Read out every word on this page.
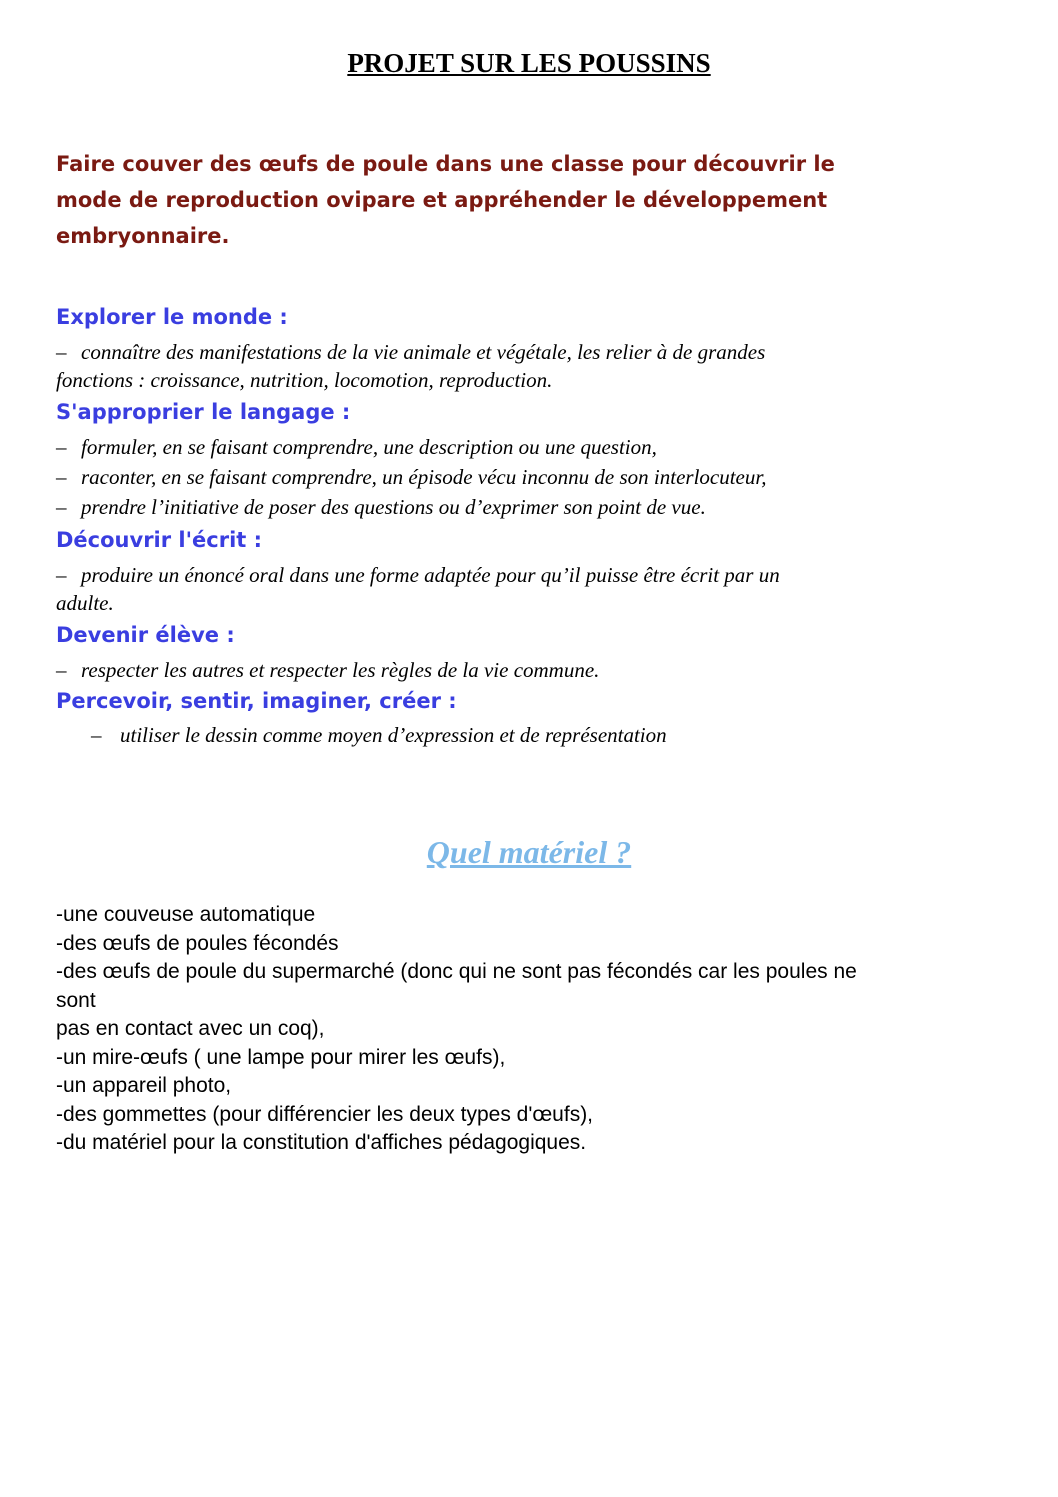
PROJET SUR LES POUSSINS

Faire couver des œufs de poule dans une classe pour découvrir le
mode de reproduction ovipare et appréhender le développement
embryonnaire.

Explorer le monde :

– connaître des manifestations de la vie animale et végétale, les relier à de grandes

fonctions : croissance, nutrition, locomotion, reproduction.

S'approprier le langage :

– formuler, en se faisant comprendre, une description ou une question,

– raconter, en se faisant comprendre, un épisode vécu inconnu de son interlocuteur,

– prendre l’initiative de poser des questions ou d’exprimer son point de vue.

Découvrir l'écrit :

– produire un énoncé oral dans une forme adaptée pour qu’il puisse être écrit par un

adulte.

Devenir élève :

– respecter les autres et respecter les règles de la vie commune.

Percevoir, sentir, imaginer, créer :

– utiliser le dessin comme moyen d’expression et de représentation

Quel matériel ?
-une couveuse automatique
-des œufs de poules fécondés
-des œufs de poule du supermarché (donc qui ne sont pas fécondés car les poules ne
sont
pas en contact avec un coq),
-un mire-œufs ( une lampe pour mirer les œufs),
-un appareil photo,
-des gommettes (pour différencier les deux types d'œufs),
-du matériel pour la constitution d'affiches pédagogiques.
